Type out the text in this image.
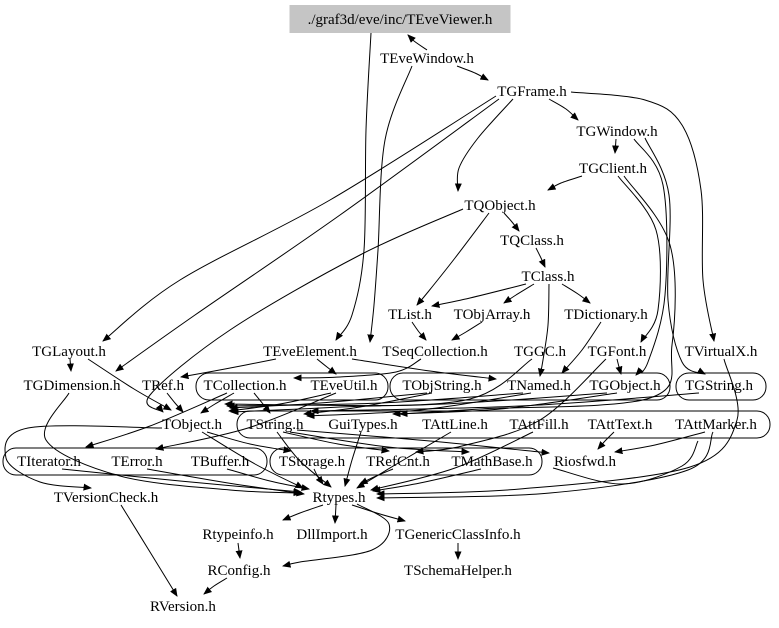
./graf3d/eve/inc/TEveViewer.h
TEveWindow.h
TGFrame.h
TGWindow.h
TGClient.h
TQObject.h
TQClass.h
TClass.h
TList.h TObjArray.h TDictionary.h
TGLayout.h	TEveElement.h TSeqCollection.h TGGC.h TGFont.h	TVirtualX.h
TGDimension.h TRef.h TCollection.h TEveUtil.h TObjString.h TNamed.h TGObject.h TGString.h
TObject.h TString.h GuiTypes.h TAttLine.h TAttFill.h TAttText.h TAttMarker.h
TIterator.h TError.h TBuffer.h TStorage.h TRefCnt.h TMathBase.h Riosfwd.h
TVersionCheck.h	Rtypes.h
Rtypeinfo.h DllImport.h TGenericClassInfo.h
RConfig.h	TSchemaHelper.h
RVersion.h
